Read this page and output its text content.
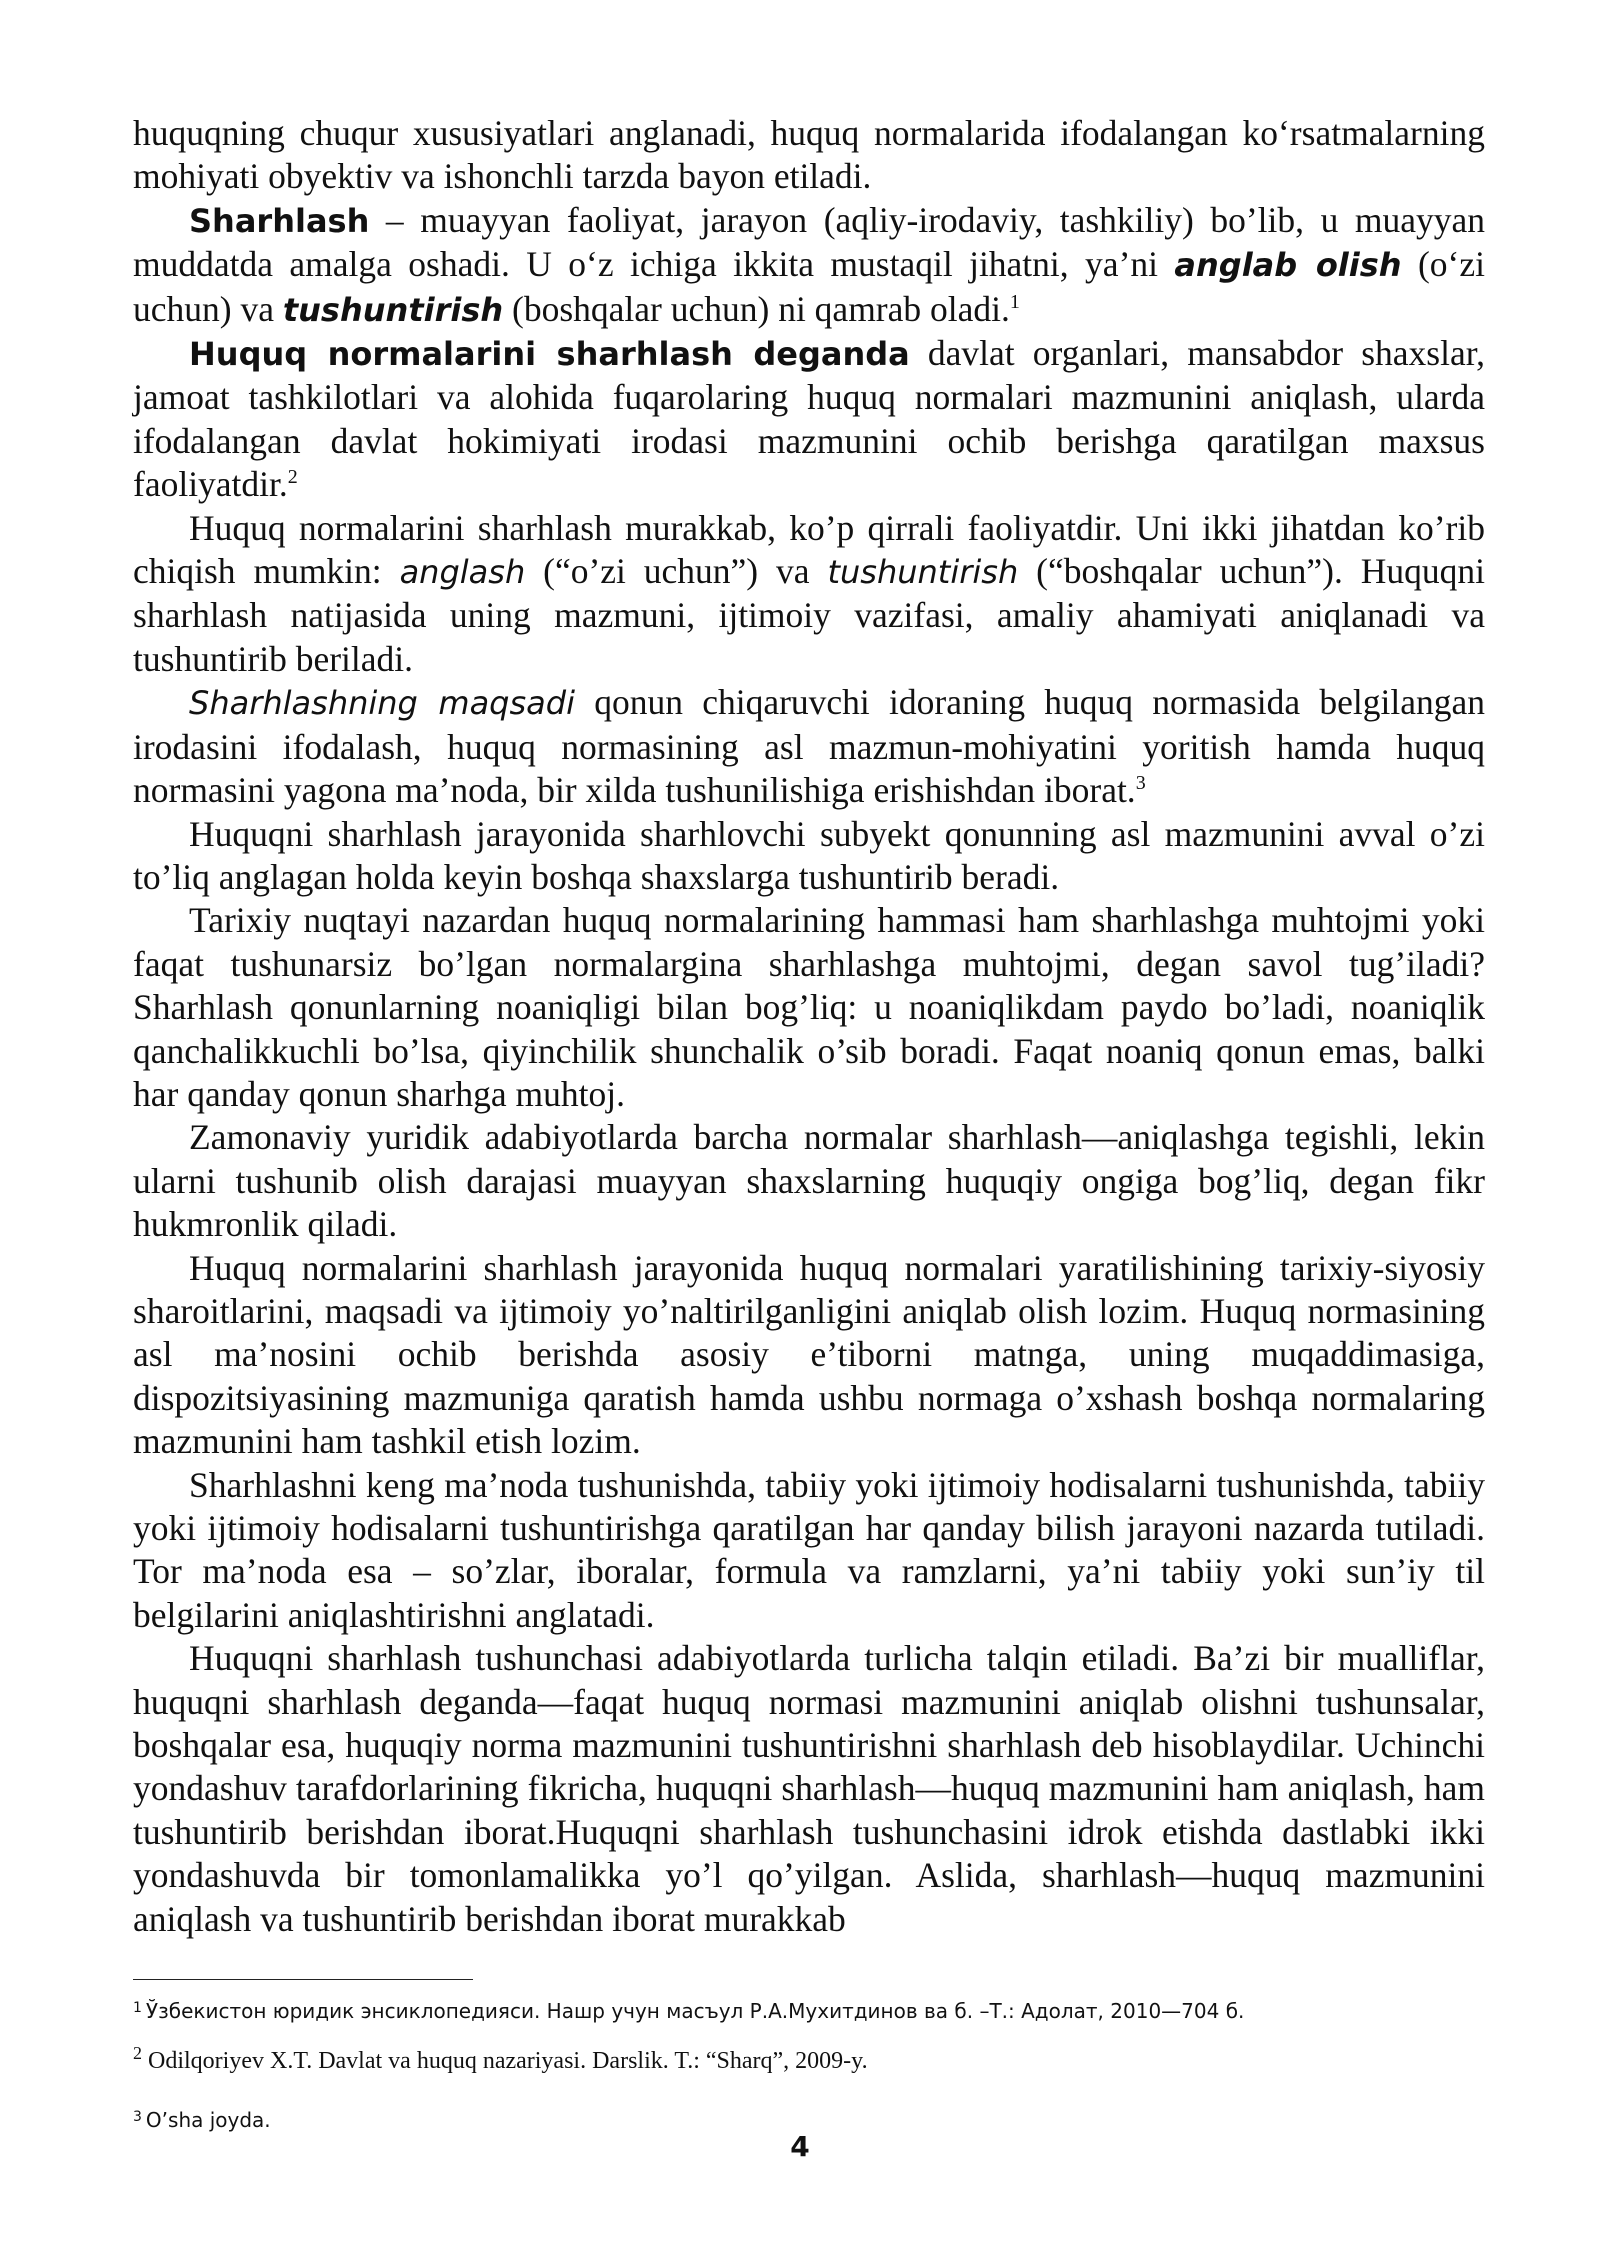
huquqning chuqur xususiyatlari anglanadi, huquq normalarida ifodalangan ko‘rsatmalarning mohiyati obyektiv va ishonchli tarzda bayon etiladi.

Sharhlash – muayyan faoliyat, jarayon (aqliy-irodaviy, tashkiliy) bo’lib, u muayyan muddatda amalga oshadi. U o‘z ichiga ikkita mustaqil jihatni, ya’ni anglab olish (o‘zi uchun) va tushuntirish (boshqalar uchun) ni qamrab oladi.$^1$

Huquq normalarini sharhlash deganda davlat organlari, mansabdor shaxslar, jamoat tashkilotlari va alohida fuqarolaring huquq normalari mazmunini aniqlash, ularda ifodalangan davlat hokimiyati irodasi mazmunini ochib berishga qaratilgan maxsus faoliyatdir.$^2$

Huquq normalarini sharhlash murakkab, ko’p qirrali faoliyatdir. Uni ikki jihatdan ko’rib chiqish mumkin: anglash (“o’zi uchun”) va tushuntirish (“boshqalar uchun”). Huquqni sharhlash natijasida uning mazmuni, ijtimoiy vazifasi, amaliy ahamiyati aniqlanadi va tushuntirib beriladi.

Sharhlashning maqsadi qonun chiqaruvchi idoraning huquq normasida belgilangan irodasini ifodalash, huquq normasining asl mazmun-mohiyatini yoritish hamda huquq normasini yagona ma’noda, bir xilda tushunilishiga erishishdan iborat.$^3$

Huquqni sharhlash jarayonida sharhlovchi subyekt qonunning asl mazmunini avval o’zi to’liq anglagan holda keyin boshqa shaxslarga tushuntirib beradi.

Tarixiy nuqtayi nazardan huquq normalarining hammasi ham sharhlashga muhtojmi yoki faqat tushunarsiz bo’lgan normalargina sharhlashga muhtojmi, degan savol tug’iladi? Sharhlash qonunlarning noaniqligi bilan bog’liq: u noaniqlikdam paydo bo’ladi, noaniqlik qanchalikkuchli bo’lsa, qiyinchilik shunchalik o’sib boradi. Faqat noaniq qonun emas, balki har qanday qonun sharhga muhtoj.

Zamonaviy yuridik adabiyotlarda barcha normalar sharhlash—aniqlashga tegishli, lekin ularni tushunib olish darajasi muayyan shaxslarning huquqiy ongiga bog’liq, degan fikr hukmronlik qiladi.

Huquq normalarini sharhlash jarayonida huquq normalari yaratilishining tarixiy-siyosiy sharoitlarini, maqsadi va ijtimoiy yo’naltirilganligini aniqlab olish lozim. Huquq normasining asl ma’nosini ochib berishda asosiy e’tiborni matnga, uning muqaddimasiga, dispozitsiyasining mazmuniga qaratish hamda ushbu normaga o’xshash boshqa normalaring mazmunini ham tashkil etish lozim.

Sharhlashni keng ma’noda tushunishda, tabiiy yoki ijtimoiy hodisalarni tushunishda, tabiiy yoki ijtimoiy hodisalarni tushuntirishga qaratilgan har qanday bilish jarayoni nazarda tutiladi. Tor ma’noda esa – so’zlar, iboralar, formula va ramzlarni, ya’ni tabiiy yoki sun’iy til belgilarini aniqlashtirishni anglatadi.

Huquqni sharhlash tushunchasi adabiyotlarda turlicha talqin etiladi. Ba’zi bir mualliflar, huquqni sharhlash deganda—faqat huquq normasi mazmunini aniqlab olishni tushunsalar, boshqalar esa, huquqiy norma mazmunini tushuntirishni sharhlash deb hisoblaydilar. Uchinchi yondashuv tarafdorlarining fikricha, huquqni sharhlash—huquq mazmunini ham aniqlash, ham tushuntirib berishdan iborat.Huquqni sharhlash tushunchasini idrok etishda dastlabki ikki yondashuvda bir tomonlamalikka yo’l qo’yilgan. Aslida, sharhlash—huquq mazmunini aniqlash va tushuntirib berishdan iborat murakkab

$^1$ Ўзбекистон юридик энсиклопедияси. Нашр учун масъул Р.А.Мухитдинов ва б. –Т.: Адолат, 2010—704 б.

$^2$ Odilqoriyev X.T. Davlat va huquq nazariyasi. Darslik. T.: “Sharq”, 2009-y.

$^3$ O’sha joyda.

4
